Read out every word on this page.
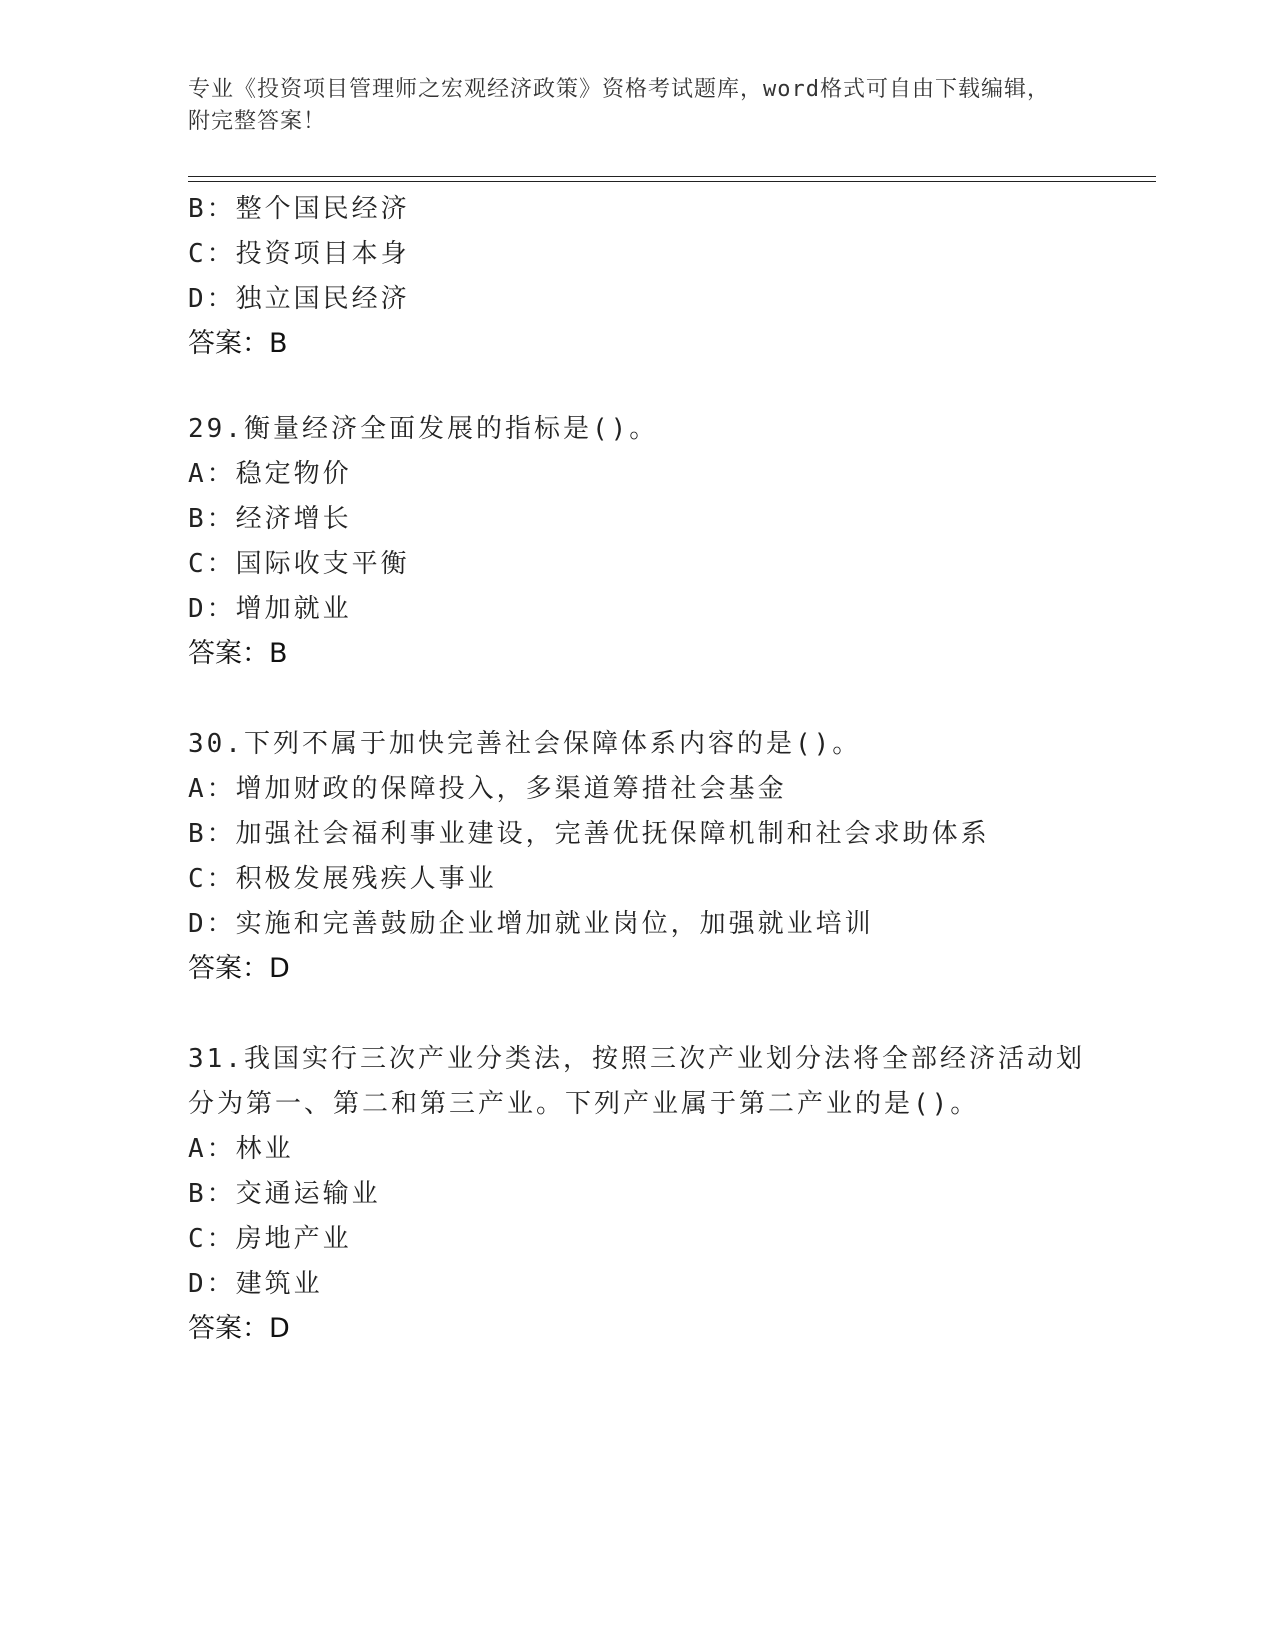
专业《投资项目管理师之宏观经济政策》资格考试题库，word格式可自由下载编辑，附完整答案！
B：整个国民经济
C：投资项目本身
D：独立国民经济
答案：B
29.衡量经济全面发展的指标是()。
A：稳定物价
B：经济增长
C：国际收支平衡
D：增加就业
答案：B
30.下列不属于加快完善社会保障体系内容的是()。
A：增加财政的保障投入，多渠道筹措社会基金
B：加强社会福利事业建设，完善优抚保障机制和社会求助体系
C：积极发展残疾人事业
D：实施和完善鼓励企业增加就业岗位，加强就业培训
答案：D
31.我国实行三次产业分类法，按照三次产业划分法将全部经济活动划
分为第一、第二和第三产业。下列产业属于第二产业的是()。
A：林业
B：交通运输业
C：房地产业
D：建筑业
答案：D
